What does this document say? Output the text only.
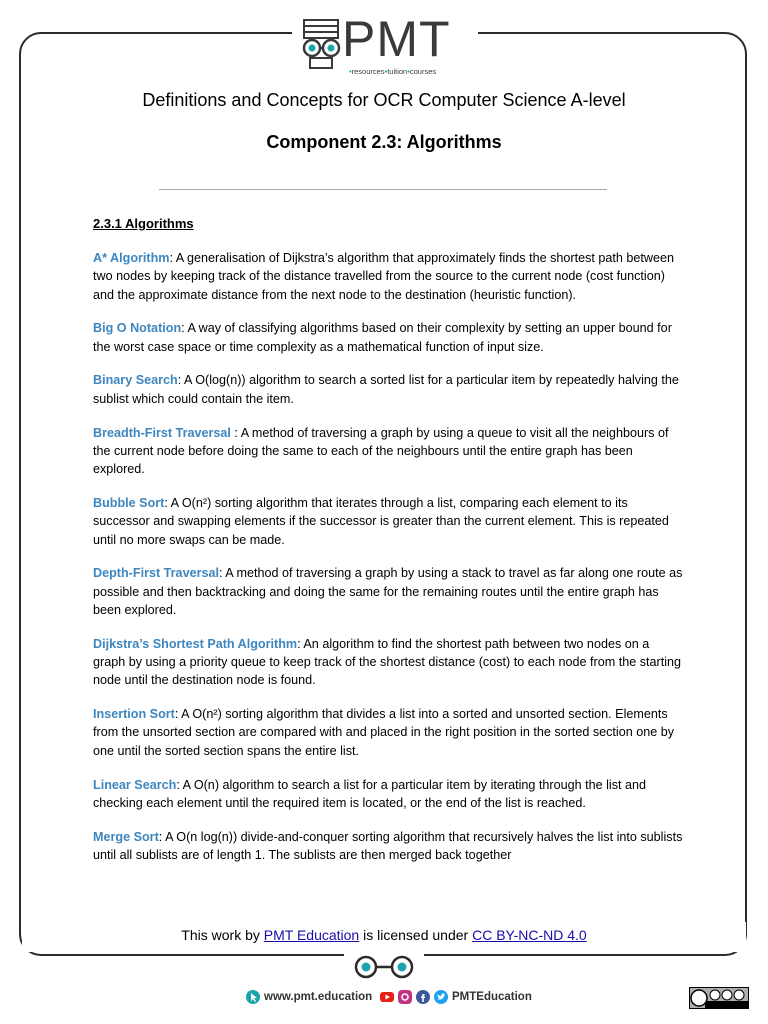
PMT
•resources•tuition•courses
Definitions and Concepts for OCR Computer Science A-level
Component 2.3: Algorithms
2.3.1 Algorithms

A* Algorithm: A generalisation of Dijkstra’s algorithm that approximately finds the shortest path between two nodes by keeping track of the distance travelled from the source to the current node (cost function) and the approximate distance from the next node to the destination (heuristic function).

Big O Notation: A way of classifying algorithms based on their complexity by setting an upper bound for the worst case space or time complexity as a mathematical function of input size.

Binary Search: A O(log(n)) algorithm to search a sorted list for a particular item by repeatedly halving the sublist which could contain the item.

Breadth-First Traversal : A method of traversing a graph by using a queue to visit all the neighbours of the current node before doing the same to each of the neighbours until the entire graph has been explored.

Bubble Sort: A O(n²) sorting algorithm that iterates through a list, comparing each element to its successor and swapping elements if the successor is greater than the current element. This is repeated until no more swaps can be made.

Depth-First Traversal: A method of traversing a graph by using a stack to travel as far along one route as possible and then backtracking and doing the same for the remaining routes until the entire graph has been explored.

Dijkstra’s Shortest Path Algorithm: An algorithm to find the shortest path between two nodes on a graph by using a priority queue to keep track of the shortest distance (cost) to each node from the starting node until the destination node is found.

Insertion Sort: A O(n²) sorting algorithm that divides a list into a sorted and unsorted section. Elements from the unsorted section are compared with and placed in the right position in the sorted section one by one until the sorted section spans the entire list.

Linear Search: A O(n) algorithm to search a list for a particular item by iterating through the list and checking each element until the required item is located, or the end of the list is reached.

Merge Sort: A O(n log(n)) divide-and-conquer sorting algorithm that recursively halves the list into sublists until all sublists are of length 1. The sublists are then merged back together

This work by PMT Education is licensed under CC BY-NC-ND 4.0
www.pmt.education	PMTEducation
